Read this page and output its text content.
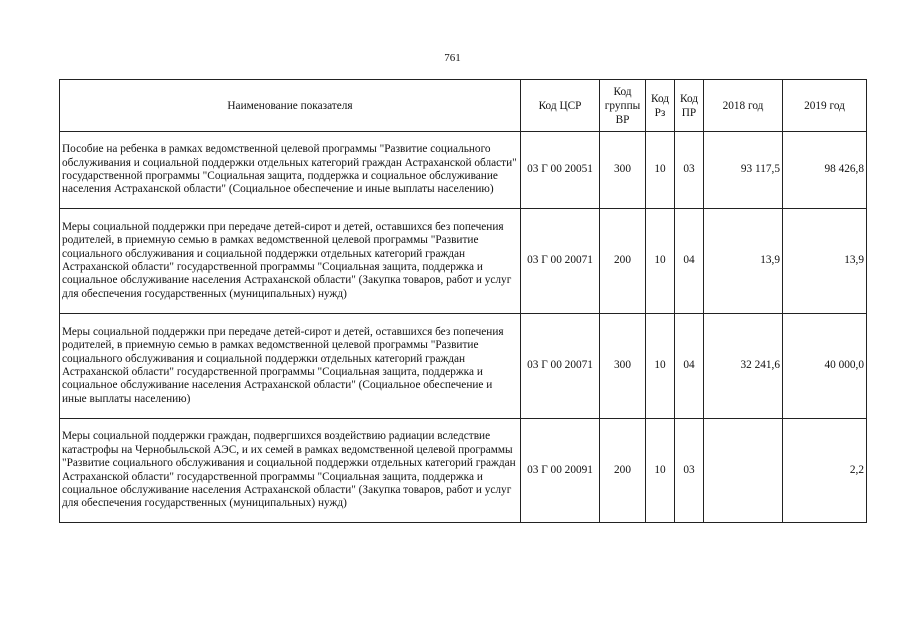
761
Наименование показателя	Код ЦСР	Код группы ВР	Код Рз	Код ПР	2018 год	2019 год
Пособие на ребенка в рамках ведомственной целевой программы "Развитие социального обслуживания и социальной поддержки отдельных категорий граждан Астраханской области" государственной программы "Социальная защита, поддержка и социальное обслуживание населения Астраханской области" (Социальное обеспечение и иные выплаты населению)	03 Г 00 20051	300	10	03	93 117,5	98 426,8
Меры социальной поддержки при передаче детей-сирот и детей, оставшихся без попечения родителей, в приемную семью в рамках ведомственной целевой программы "Развитие социального обслуживания и социальной поддержки отдельных категорий граждан Астраханской области" государственной программы "Социальная защита, поддержка и социальное обслуживание населения Астраханской области" (Закупка товаров, работ и услуг для обеспечения государственных (муниципальных) нужд)	03 Г 00 20071	200	10	04	13,9	13,9
Меры социальной поддержки при передаче детей-сирот и детей, оставшихся без попечения родителей, в приемную семью в рамках ведомственной целевой программы "Развитие социального обслуживания и социальной поддержки отдельных категорий граждан Астраханской области" государственной программы "Социальная защита, поддержка и социальное обслуживание населения Астраханской области" (Социальное обеспечение и иные выплаты населению)	03 Г 00 20071	300	10	04	32 241,6	40 000,0
Меры социальной поддержки граждан, подвергшихся воздействию радиации вследствие катастрофы на Чернобыльской АЭС, и их семей в рамках ведомственной целевой программы "Развитие социального обслуживания и социальной поддержки отдельных категорий граждан Астраханской области" государственной программы "Социальная защита, поддержка и социальное обслуживание населения Астраханской области" (Закупка товаров, работ и услуг для обеспечения государственных (муниципальных) нужд)	03 Г 00 20091	200	10	03		2,2
